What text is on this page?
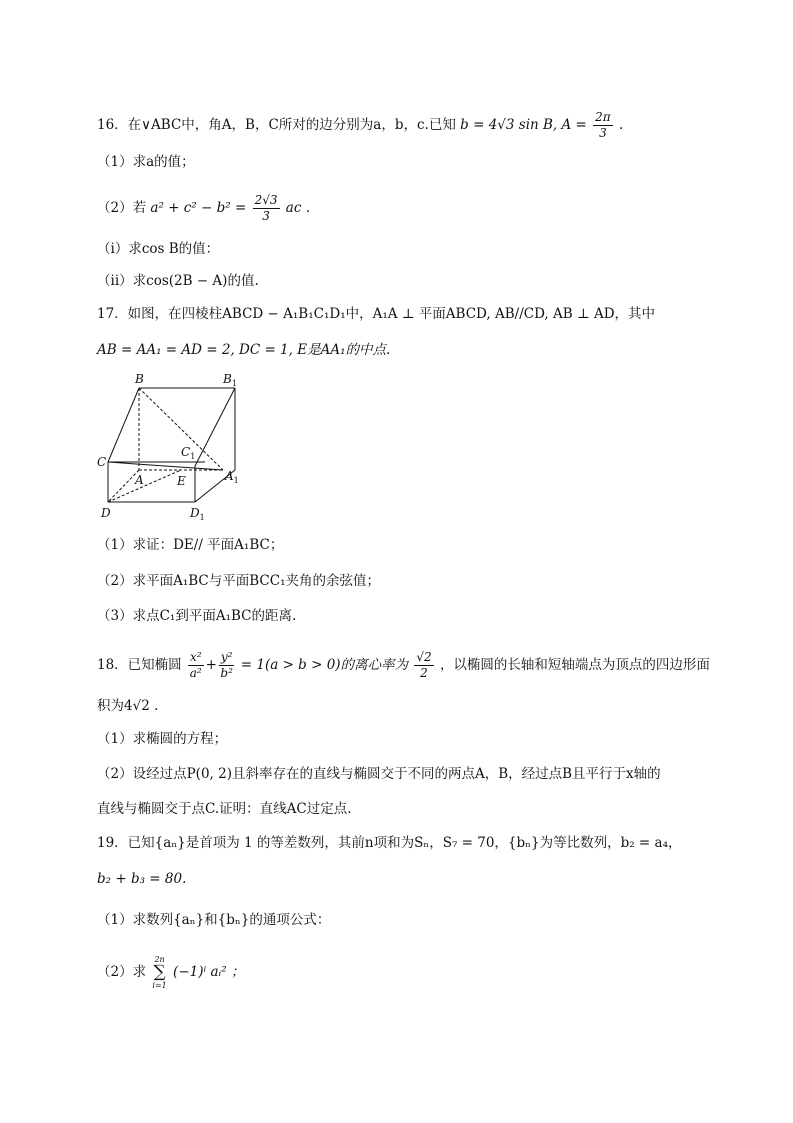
16．在∨ABC中，角A，B，C所对的边分别为a，b，c.已知 b = 4√3 sin B, $A = \frac{2\pi}{3}$ .
（1）求a的值；
（2）若 $a^2 + c^2 - b^2 = \frac{2√3}{3}$ ac .
（i）求cos B的值：
（ii）求cos(2B − A)的值.
17．如图，在四棱柱ABCD − A₁B₁C₁D₁中，A₁A ⊥ 平面ABCD, AB//CD, AB ⊥ AD，其中
AB = AA₁ = AD = 2, DC = 1, E是AA₁的中点.
B	$B_1$
C
$C_1$
A	$A_1$
E
D	$D_1$
（1）求证：DE// 平面A₁BC；
（2）求平面A₁BC与平面BCC₁夹角的余弦值；
（3）求点C₁到平面A₁BC的距离.
18．已知椭圆 $\frac{\text{x²}}{\text{a²}} + \frac{\text{y²}}{\text{b²}} = 1(a > b > 0)$的离心率为 $\frac{√2}{2}$ ，以椭圆的长轴和短轴端点为顶点的四边形面
积为4√2 .
（1）求椭圆的方程；
（2）设经过点P(0, 2)且斜率存在的直线与椭圆交于不同的两点A，B，经过点B且平行于x轴的
直线与椭圆交于点C.证明：直线AC过定点.
19．已知{aₙ}是首项为 1 的等差数列，其前n项和为Sₙ，S₇ = 70，{bₙ}为等比数列，b₂ = a₄，
b₂ + b₃ = 80.
（1）求数列{aₙ}和{bₙ}的通项公式：
（2）求
2n
∑
i=1
(−1)ⁱ aᵢ² ；
